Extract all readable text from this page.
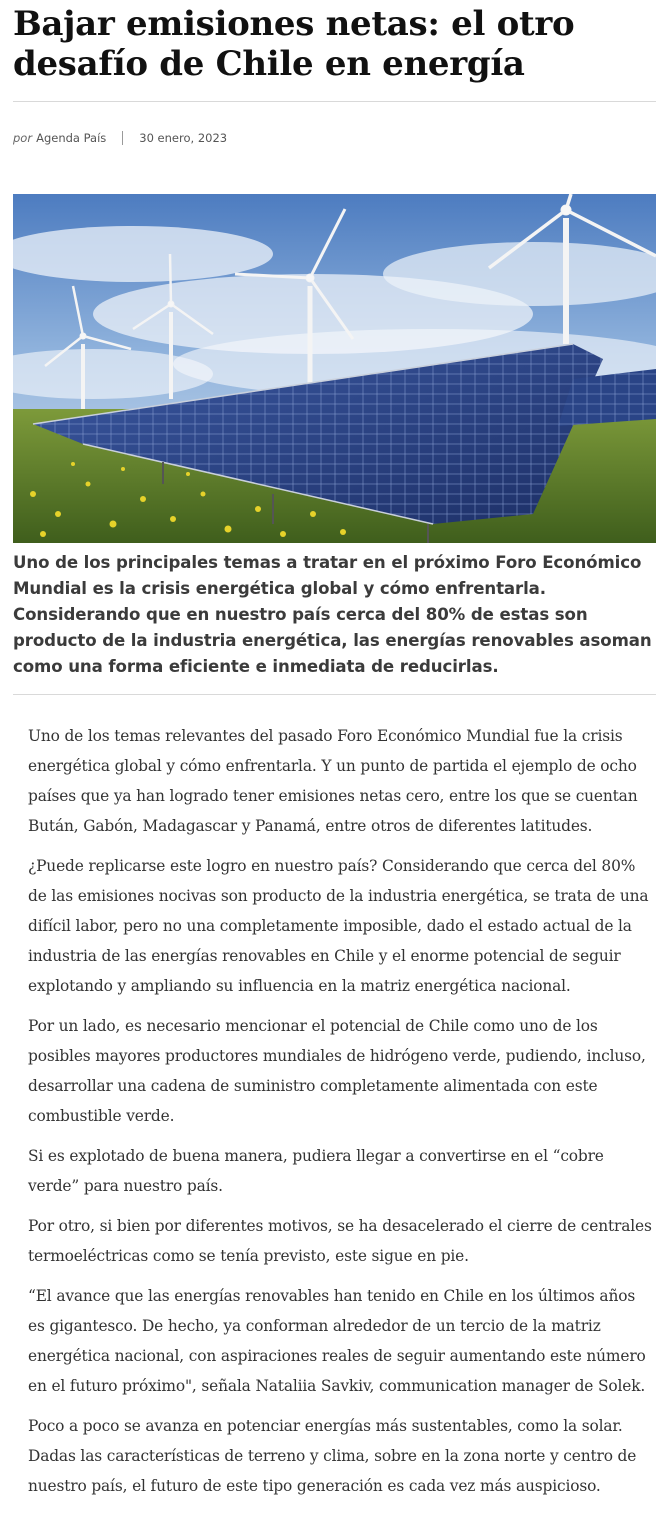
Bajar emisiones netas: el otro desafío de Chile en energía
por Agenda País	30 enero, 2023

Uno de los principales temas a tratar en el próximo Foro Económico Mundial es la crisis energética global y cómo enfrentarla. Considerando que en nuestro país cerca del 80% de estas son producto de la industria energética, las energías renovables asoman como una forma eficiente e inmediata de reducirlas.

Uno de los temas relevantes del pasado Foro Económico Mundial fue la crisis energética global y cómo enfrentarla. Y un punto de partida el ejemplo de ocho países que ya han logrado tener emisiones netas cero, entre los que se cuentan Bután, Gabón, Madagascar y Panamá, entre otros de diferentes latitudes.

¿Puede replicarse este logro en nuestro país? Considerando que cerca del 80% de las emisiones nocivas son producto de la industria energética, se trata de una difícil labor, pero no una completamente imposible, dado el estado actual de la industria de las energías renovables en Chile y el enorme potencial de seguir explotando y ampliando su influencia en la matriz energética nacional.

Por un lado, es necesario mencionar el potencial de Chile como uno de los posibles mayores productores mundiales de hidrógeno verde, pudiendo, incluso, desarrollar una cadena de suministro completamente alimentada con este combustible verde.

Si es explotado de buena manera, pudiera llegar a convertirse en el “cobre verde” para nuestro país.

Por otro, si bien por diferentes motivos, se ha desacelerado el cierre de centrales termoeléctricas como se tenía previsto, este sigue en pie.

“El avance que las energías renovables han tenido en Chile en los últimos años es gigantesco. De hecho, ya conforman alrededor de un tercio de la matriz energética nacional, con aspiraciones reales de seguir aumentando este número en el futuro próximo", señala Nataliia Savkiv, communication manager de Solek.

Poco a poco se avanza en potenciar energías más sustentables, como la solar. Dadas las características de terreno y clima, sobre en la zona norte y centro de nuestro país, el futuro de este tipo generación es cada vez más auspicioso.
